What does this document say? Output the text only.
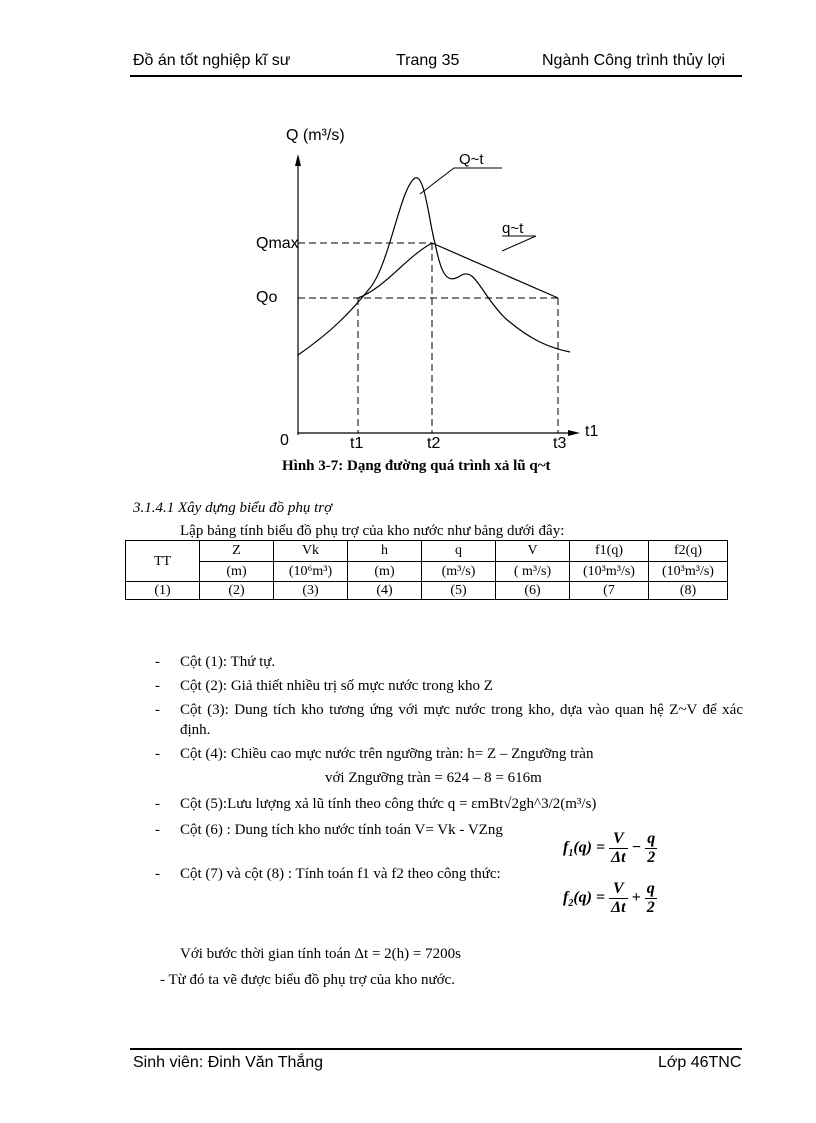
Đồ án tốt nghiệp kĩ sư	Trang 35	Ngành Công trình thủy lợi
Q (m³/s)
Q~t
q~t
Qmax
Qo
0	t1	t2	t3
t1
Hình 3-7: Dạng đường quá trình xả lũ q~t
3.1.4.1 Xây dựng biểu đồ phụ trợ
Lập bảng tính biểu đồ phụ trợ của kho nước như bảng dưới đây:
TT	Z	Vk	h	q	V	f1(q)	f2(q)
	(m)	(10⁶m³)	(m)	(m³/s)	( m³/s)	(10³m³/s)	(10³m³/s)
(1)	(2)	(3)	(4)	(5)	(6)	(7	(8)
- Cột (1): Thứ tự.
- Cột (2): Giả thiết nhiều trị số mực nước trong kho Z
- Cột (3): Dung tích kho tương ứng với mực nước trong kho, dựa vào quan hệ Z~V để xác định.
- Cột (4): Chiều cao mực nước trên ngưỡng tràn: h= Z – Zngưỡng tràn
với Zngưỡng tràn = 624 – 8 = 616m
- Cột (5):Lưu lượng xả lũ tính theo công thức q = εmBt√2gh^3/2(m³/s)
- Cột (6) : Dung tích kho nước tính toán V= Vk - VZng
- Cột (7) và cột (8) : Tính toán f1 và f2 theo công thức:
$f_1(q) = \frac{V}{\Delta t} - \frac{q}{2}$
$f_2(q) = \frac{V}{\Delta t} + \frac{q}{2}$
Với bước thời gian tính toán Δt = 2(h) = 7200s
- Từ đó ta vẽ được biểu đồ phụ trợ của kho nước.
Sinh viên: Đinh Văn Thắng	Lớp 46TNC
